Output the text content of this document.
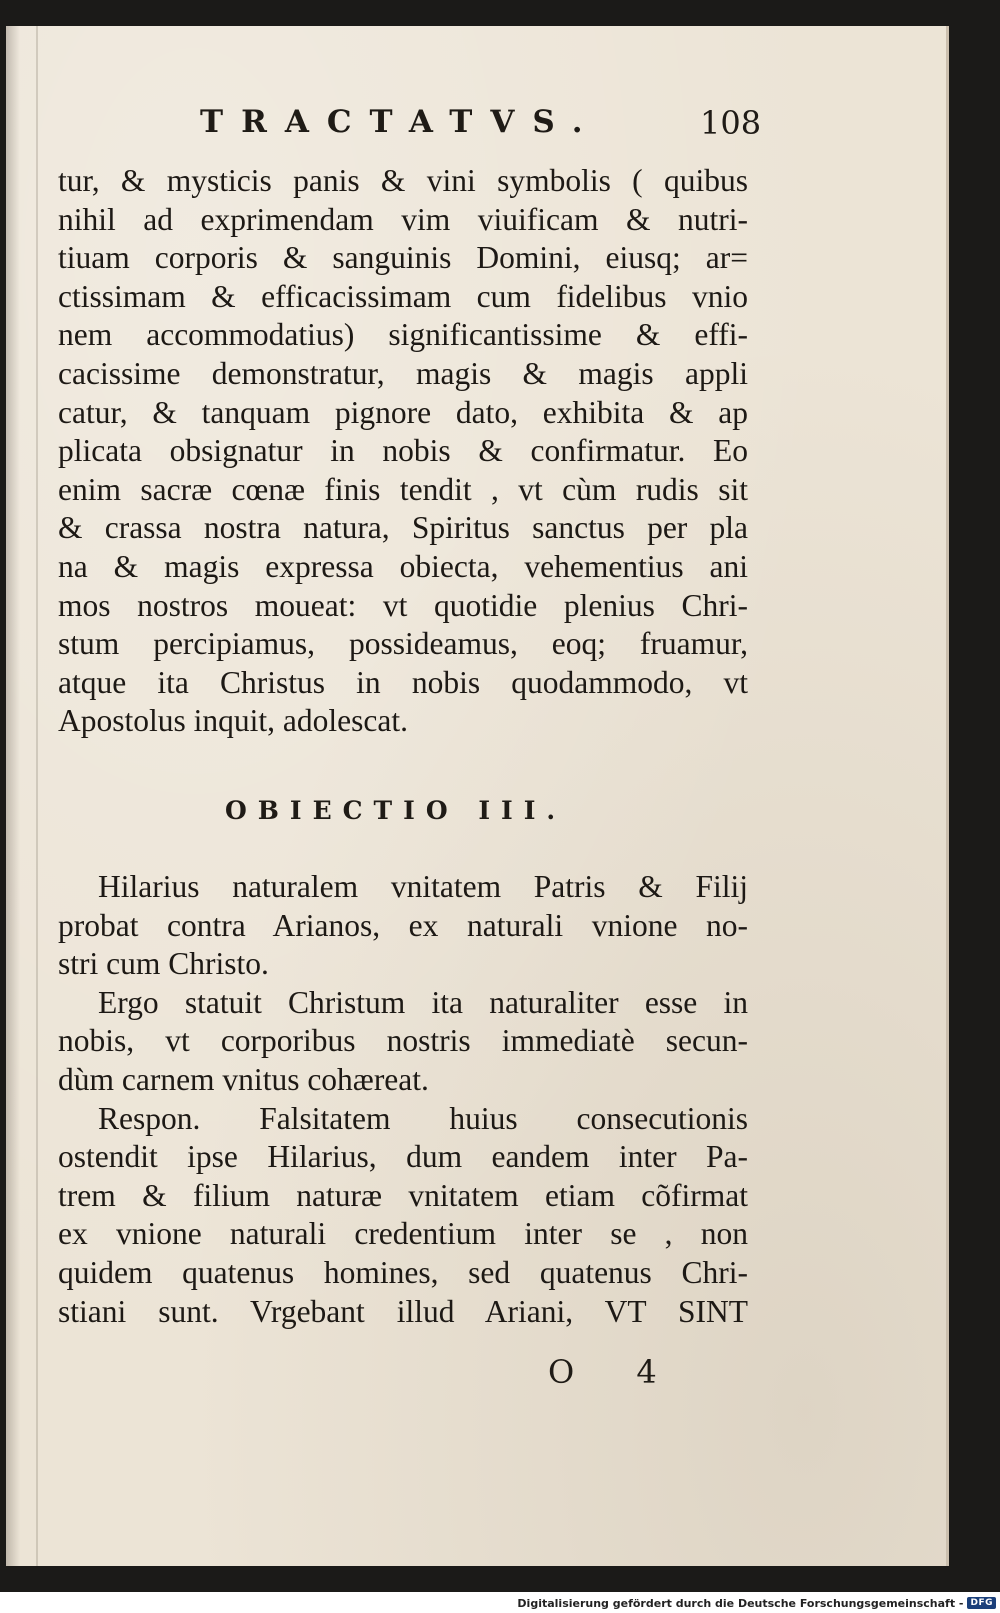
TRACTATVS.	108
tur, & mysticis panis & vini symbolis ( quibus
nihil ad exprimendam vim viuificam & nutri-
tiuam corporis & sanguinis Domini, eiusq; ar=
ctissimam & efficacissimam cum fidelibus vnio
nem accommodatius) significantissime & effi-
cacissime demonstratur, magis & magis appli
catur, & tanquam pignore dato, exhibita & ap
plicata obsignatur in nobis & confirmatur. Eo
enim sacræ cœnæ finis tendit , vt cùm rudis sit
& crassa nostra natura, Spiritus sanctus per pla
na & magis expressa obiecta, vehementius ani
mos nostros moueat: vt quotidie plenius Chri-
stum percipiamus, possideamus, eoq; fruamur,
atque ita Christus in nobis quodammodo, vt
Apostolus inquit, adolescat.
OBIECTIO III.
Hilarius naturalem vnitatem Patris & Filij
probat contra Arianos, ex naturali vnione no-
stri cum Christo.
Ergo statuit Christum ita naturaliter esse in
nobis, vt corporibus nostris immediatè secun-
dùm carnem vnitus cohæreat.
Respon. Falsitatem huius consecutionis
ostendit ipse Hilarius, dum eandem inter Pa-
trem & filium naturæ vnitatem etiam cõfirmat
ex vnione naturali credentium inter se , non
quidem quatenus homines, sed quatenus Chri-
stiani sunt. Vrgebant illud Ariani, VT SINT
O 4
Digitalisierung gefördert durch die Deutsche Forschungsgemeinschaft - DFG
